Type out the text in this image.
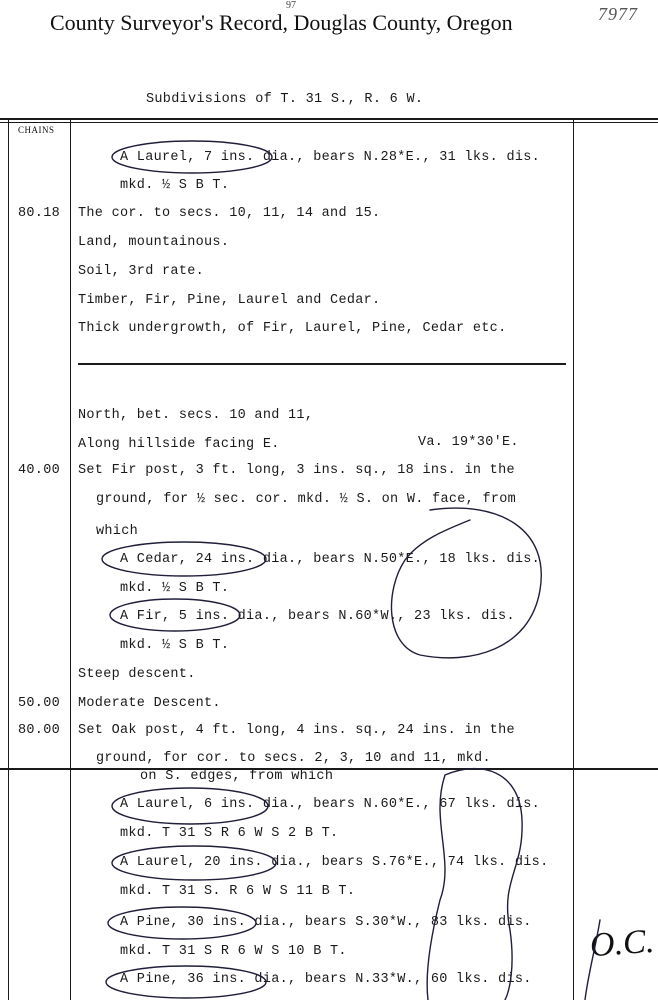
County Surveyor's Record, Douglas County, Oregon	7977
97
Subdivisions of T. 31 S., R. 6 W.
CHAINS
80.18
40.00
50.00
80.00
A Laurel, 7 ins. dia., bears N.28*E., 31 lks. dis.
mkd. ½ S B T.
The cor. to secs. 10, 11, 14 and 15.
Land, mountainous.
Soil, 3rd rate.
Timber, Fir, Pine, Laurel and Cedar.
Thick undergrowth, of Fir, Laurel, Pine, Cedar etc.
North, bet. secs. 10 and 11,
Along hillside facing E.	Va. 19*30'E.
Set Fir post, 3 ft. long, 3 ins. sq., 18 ins. in the
ground, for ½ sec. cor. mkd. ½ S. on W. face, from
which
A Cedar, 24 ins. dia., bears N.50*E., 18 lks. dis.
mkd. ½ S B T.
A Fir, 5 ins. dia., bears N.60*W., 23 lks. dis.
mkd. ½ S B T.
Steep descent.
Moderate Descent.
Set Oak post, 4 ft. long, 4 ins. sq., 24 ins. in the
ground, for cor. to secs. 2, 3, 10 and 11, mkd.
on S. edges, from which
A Laurel, 6 ins. dia., bears N.60*E., 67 lks. dis.
mkd. T 31 S R 6 W S 2 B T.
A Laurel, 20 ins. dia., bears S.76*E., 74 lks. dis.
mkd. T 31 S. R 6 W S 11 B T.
A Pine, 30 ins. dia., bears S.30*W., 83 lks. dis.
mkd. T 31 S R 6 W S 10 B T.
A Pine, 36 ins. dia., bears N.33*W., 60 lks. dis.
O.C.
